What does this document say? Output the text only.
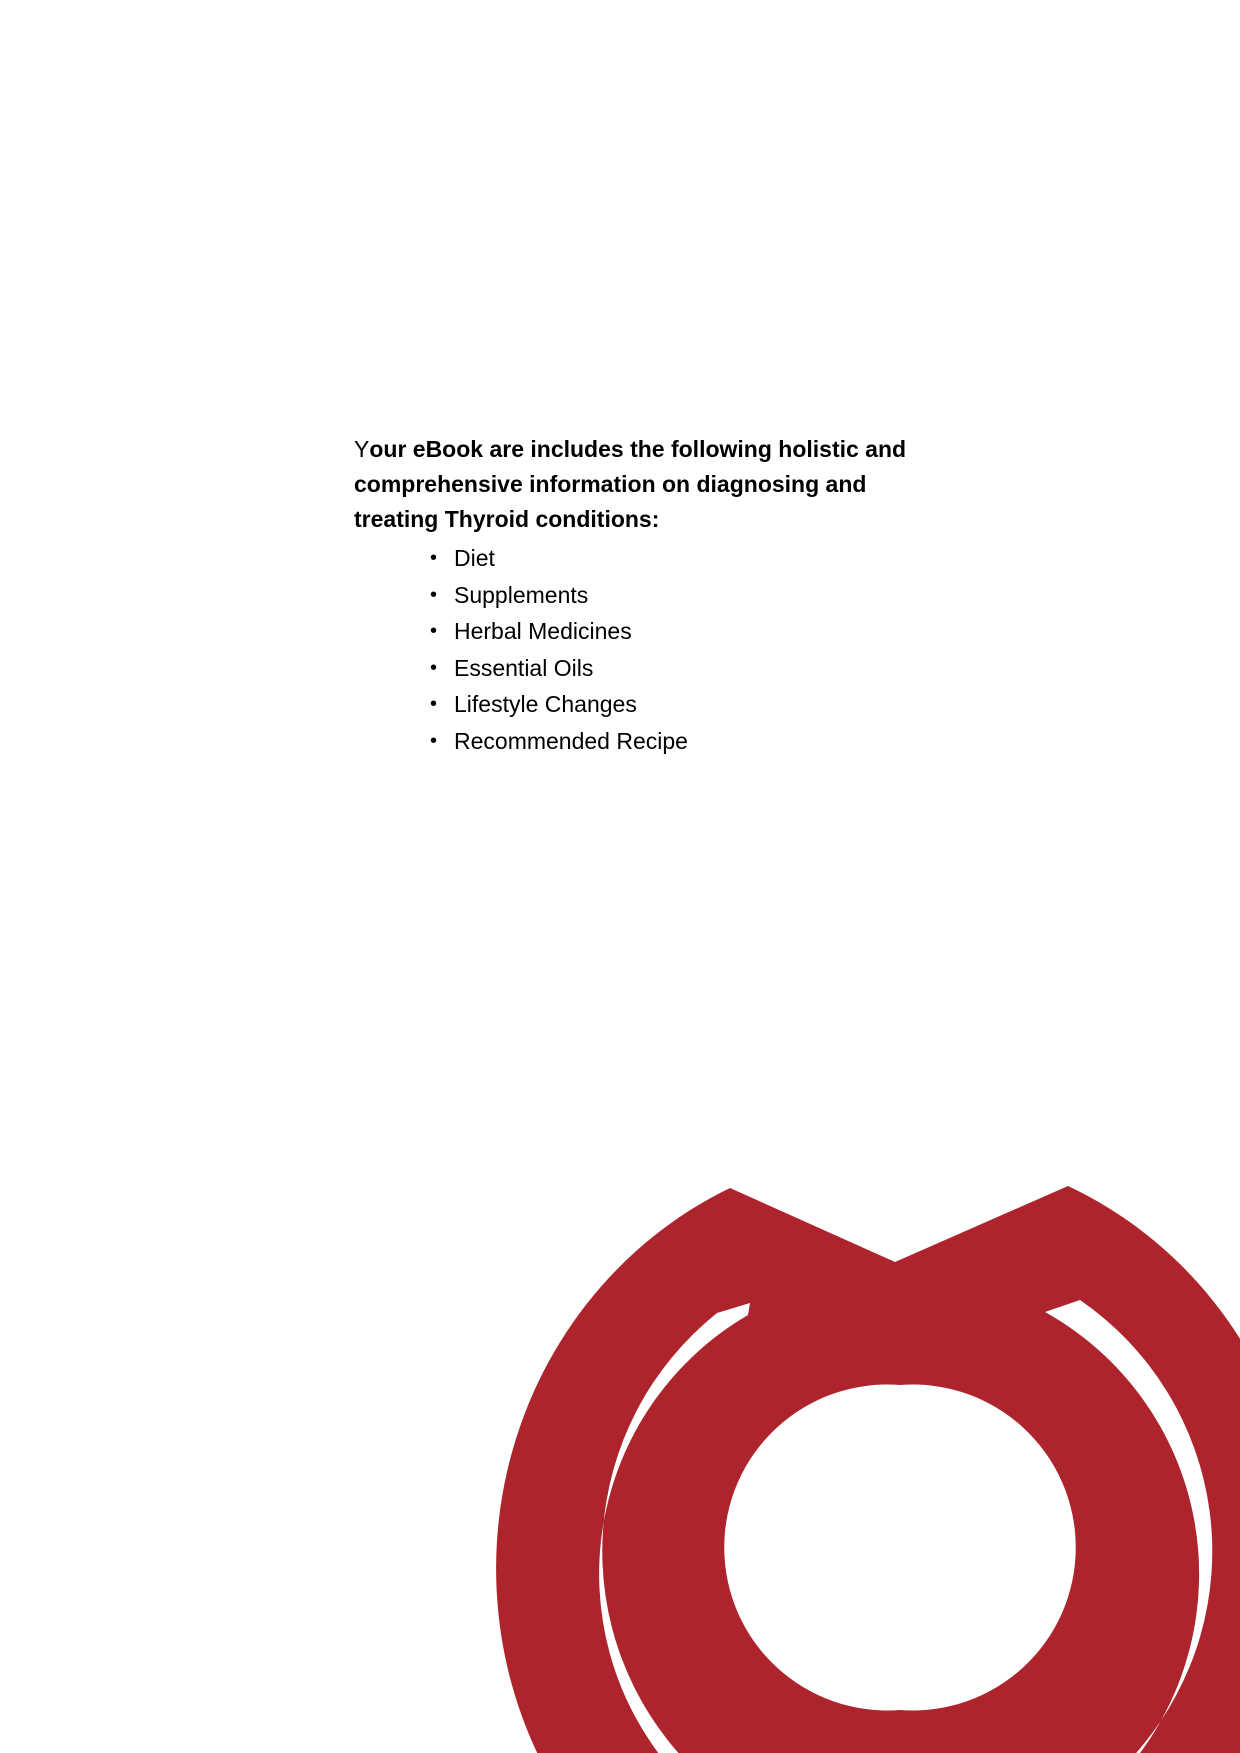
Your eBook are includes the following holistic and comprehensive information on diagnosing and treating Thyroid conditions:

• Diet
• Supplements
• Herbal Medicines
• Essential Oils
• Lifestyle Changes
• Recommended Recipe
